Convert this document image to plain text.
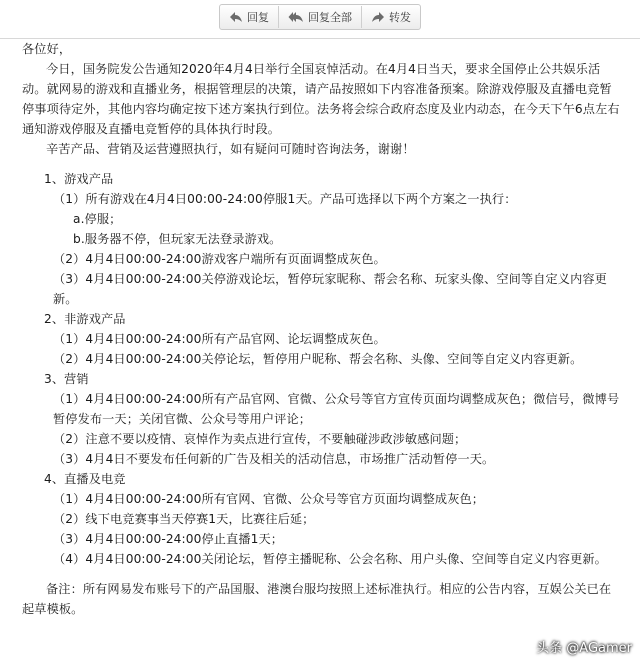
回复	回复全部	转发

各位好，

今日，国务院发公告通知2020年4月4日举行全国哀悼活动。在4月4日当天，要求全国停止公共娱乐活动。就网易的游戏和直播业务，根据管理层的决策，请产品按照如下内容准备预案。除游戏停服及直播电竞暂停事项待定外，其他内容均确定按下述方案执行到位。法务将会综合政府态度及业内动态，在今天下午6点左右通知游戏停服及直播电竞暂停的具体执行时段。

辛苦产品、营销及运营遵照执行，如有疑问可随时咨询法务，谢谢！

1、游戏产品

（1）所有游戏在4月4日00:00-24:00停服1天。产品可选择以下两个方案之一执行：

a.停服；

b.服务器不停，但玩家无法登录游戏。

（2）4月4日00:00-24:00游戏客户端所有页面调整成灰色。

（3）4月4日00:00-24:00关停游戏论坛，暂停玩家昵称、帮会名称、玩家头像、空间等自定义内容更新。

2、非游戏产品

（1）4月4日00:00-24:00所有产品官网、论坛调整成灰色。

（2）4月4日00:00-24:00关停论坛，暂停用户昵称、帮会名称、头像、空间等自定义内容更新。

3、营销

（1）4月4日00:00-24:00所有产品官网、官微、公众号等官方宣传页面均调整成灰色；微信号，微博号暂停发布一天；关闭官微、公众号等用户评论；

（2）注意不要以疫情、哀悼作为卖点进行宣传，不要触碰涉政涉敏感问题；

（3）4月4日不要发布任何新的广告及相关的活动信息，市场推广活动暂停一天。

4、直播及电竞

（1）4月4日00:00-24:00所有官网、官微、公众号等官方页面均调整成灰色；

（2）线下电竞赛事当天停赛1天，比赛往后延；

（3）4月4日00:00-24:00停止直播1天；

（4）4月4日00:00-24:00关闭论坛，暂停主播昵称、公会名称、用户头像、空间等自定义内容更新。

备注：所有网易发布账号下的产品国服、港澳台服均按照上述标准执行。相应的公告内容，互娱公关已在起草模板。

头条 @AGamer
